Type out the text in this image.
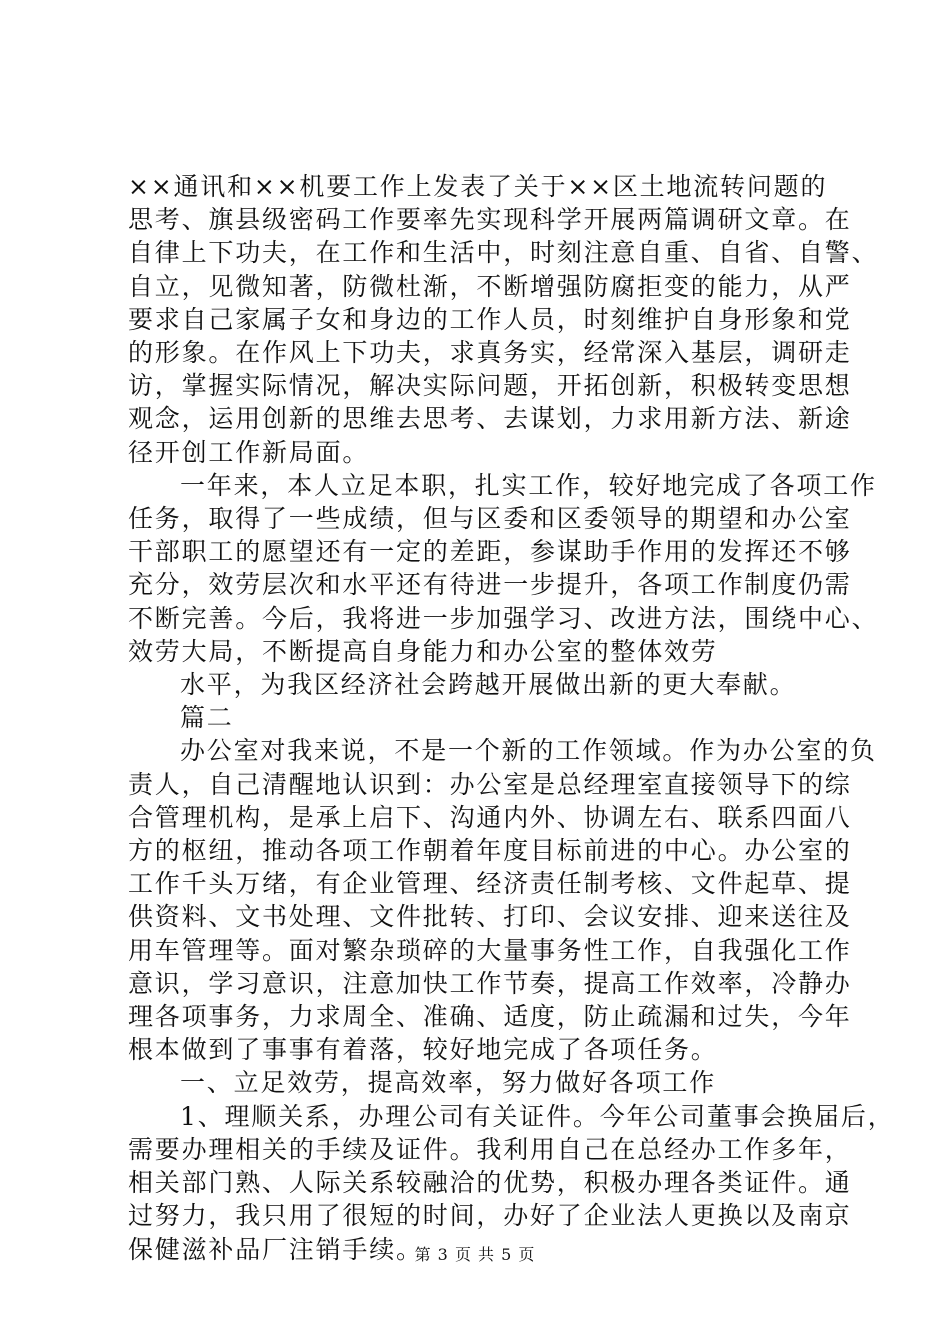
××通讯和××机要工作上发表了关于××区土地流转问题的
思考、旗县级密码工作要率先实现科学开展两篇调研文章。在
自律上下功夫，在工作和生活中，时刻注意自重、自省、自警、
自立，见微知著，防微杜渐，不断增强防腐拒变的能力，从严
要求自己家属子女和身边的工作人员，时刻维护自身形象和党
的形象。在作风上下功夫，求真务实，经常深入基层，调研走
访，掌握实际情况，解决实际问题，开拓创新，积极转变思想
观念，运用创新的思维去思考、去谋划，力求用新方法、新途
径开创工作新局面。
一年来，本人立足本职，扎实工作，较好地完成了各项工作
任务，取得了一些成绩，但与区委和区委领导的期望和办公室
干部职工的愿望还有一定的差距，参谋助手作用的发挥还不够
充分，效劳层次和水平还有待进一步提升，各项工作制度仍需
不断完善。今后，我将进一步加强学习、改进方法，围绕中心、
效劳大局，不断提高自身能力和办公室的整体效劳
水平，为我区经济社会跨越开展做出新的更大奉献。
篇二
办公室对我来说，不是一个新的工作领域。作为办公室的负
责人，自己清醒地认识到：办公室是总经理室直接领导下的综
合管理机构，是承上启下、沟通内外、协调左右、联系四面八
方的枢纽，推动各项工作朝着年度目标前进的中心。办公室的
工作千头万绪，有企业管理、经济责任制考核、文件起草、提
供资料、文书处理、文件批转、打印、会议安排、迎来送往及
用车管理等。面对繁杂琐碎的大量事务性工作，自我强化工作
意识，学习意识，注意加快工作节奏，提高工作效率，冷静办
理各项事务，力求周全、准确、适度，防止疏漏和过失，今年
根本做到了事事有着落，较好地完成了各项任务。
一、立足效劳，提高效率，努力做好各项工作
1、理顺关系，办理公司有关证件。今年公司董事会换届后，
需要办理相关的手续及证件。我利用自己在总经办工作多年，
相关部门熟、人际关系较融洽的优势，积极办理各类证件。通
过努力，我只用了很短的时间，办好了企业法人更换以及南京
保健滋补品厂注销手续。
第 3 页 共 5 页
